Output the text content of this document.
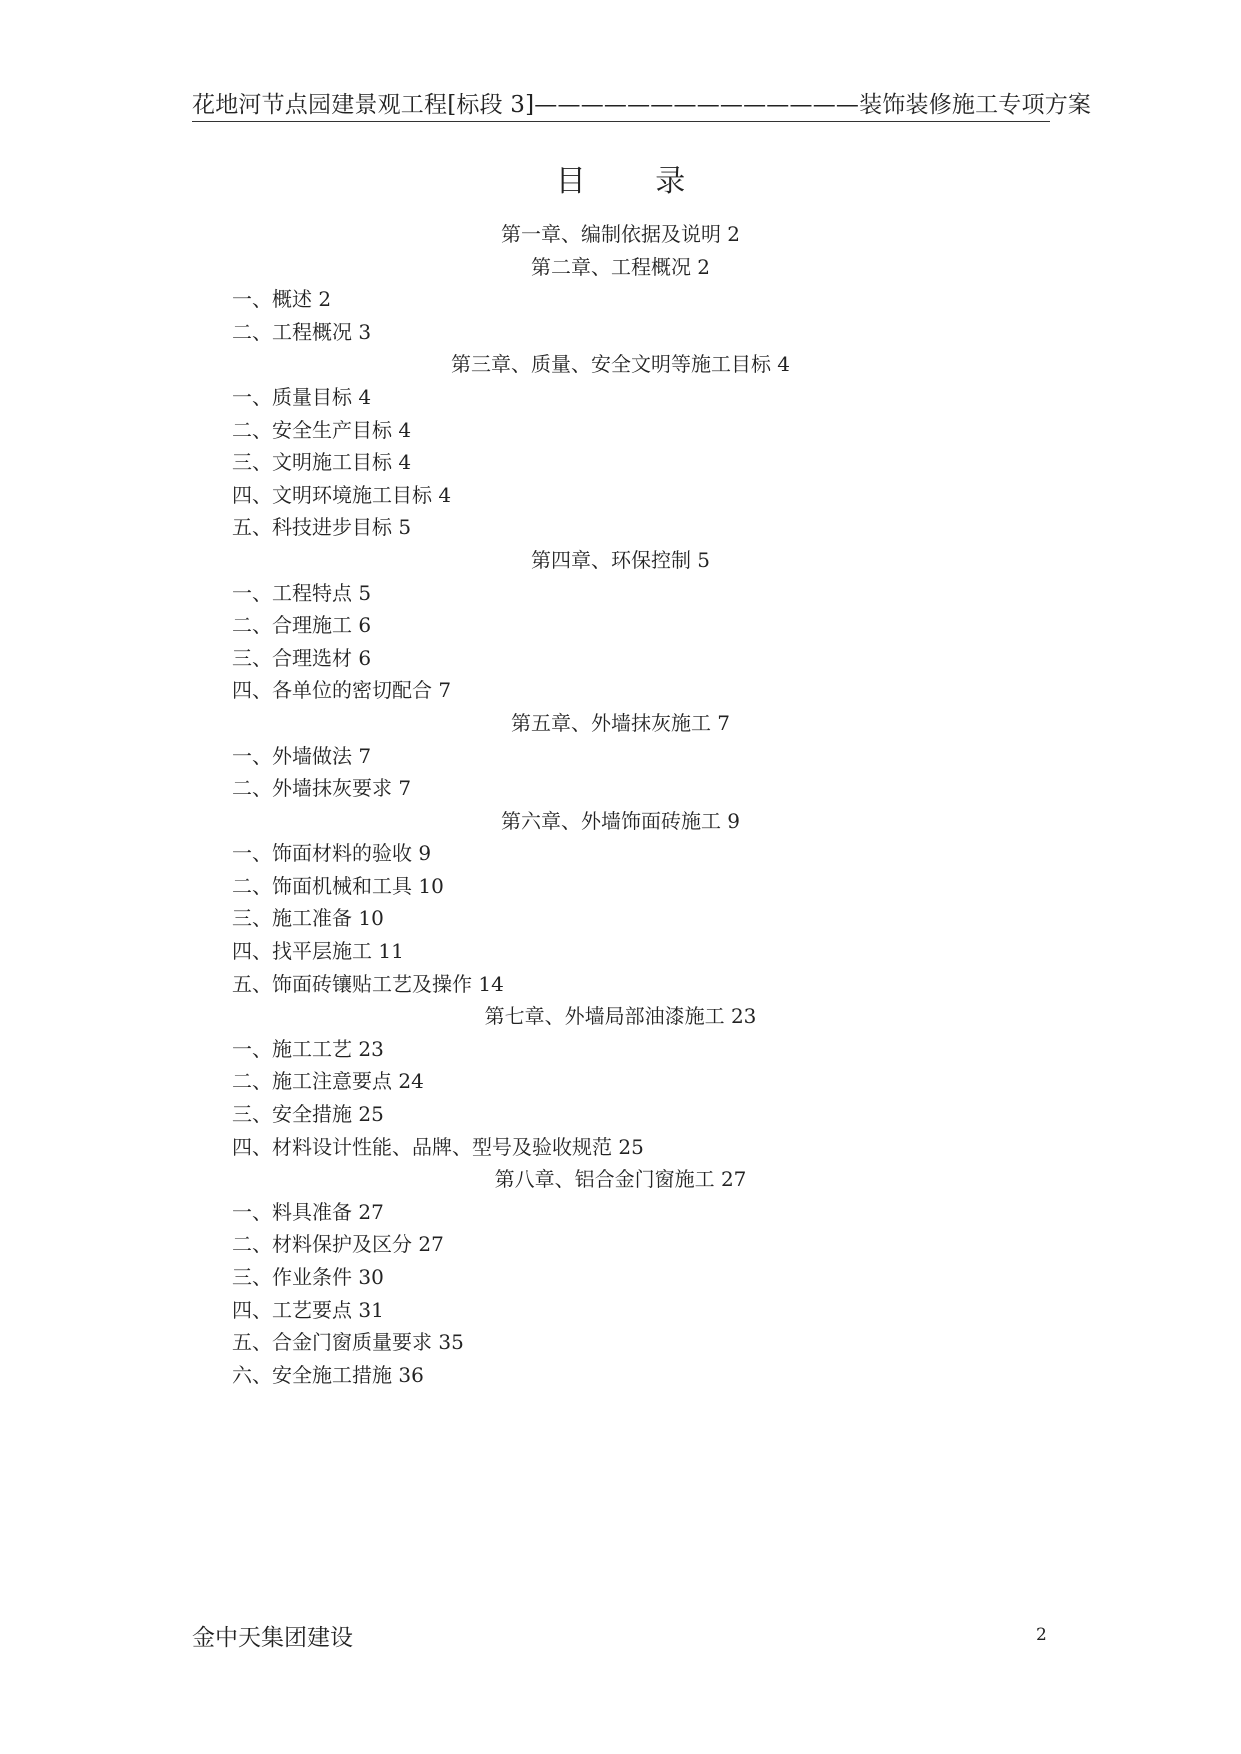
花地河节点园建景观工程[标段 3]——————————————装饰装修施工专项方案
目 录
第一章、编制依据及说明 2
第二章、工程概况 2
一、概述 2
二、工程概况 3
第三章、质量、安全文明等施工目标 4
一、质量目标 4
二、安全生产目标 4
三、文明施工目标 4
四、文明环境施工目标 4
五、科技进步目标 5
第四章、环保控制 5
一、工程特点 5
二、合理施工 6
三、合理选材 6
四、各单位的密切配合 7
第五章、外墙抹灰施工 7
一、外墙做法 7
二、外墙抹灰要求 7
第六章、外墙饰面砖施工 9
一、饰面材料的验收 9
二、饰面机械和工具 10
三、施工准备 10
四、找平层施工 11
五、饰面砖镶贴工艺及操作 14
第七章、外墙局部油漆施工 23
一、施工工艺 23
二、施工注意要点 24
三、安全措施 25
四、材料设计性能、品牌、型号及验收规范 25
第八章、铝合金门窗施工 27
一、料具准备 27
二、材料保护及区分 27
三、作业条件 30
四、工艺要点 31
五、合金门窗质量要求 35
六、安全施工措施 36
金中天集团建设	2
